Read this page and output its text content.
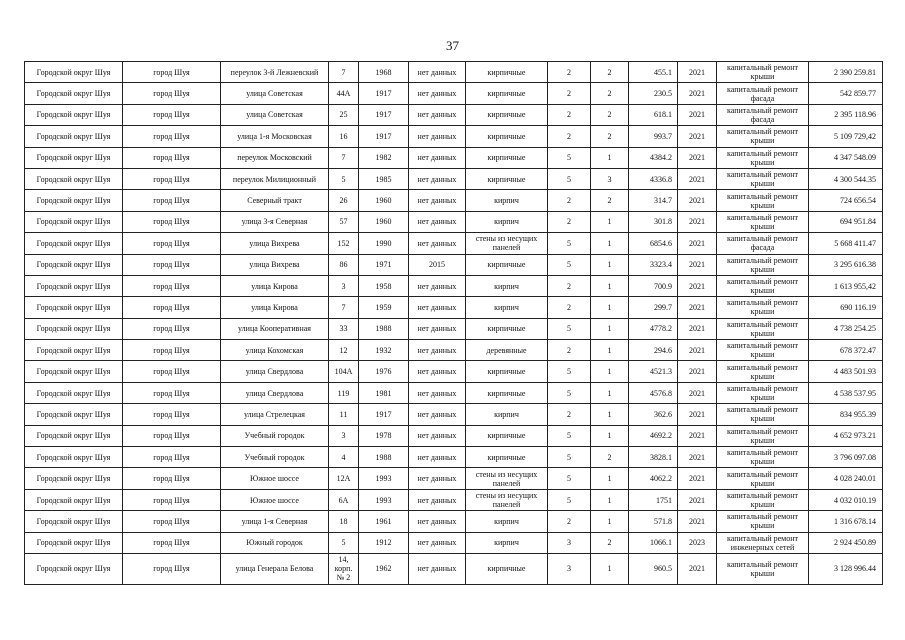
37
Городской округ Шуя	город Шуя	переулок 3-й Лежневский	7	1968	нет данных	кирпичные	2	2	455.1	2021	капитальный ремонт крыши	2 390 259.81
Городской округ Шуя	город Шуя	улица Советская	44А	1917	нет данных	кирпичные	2	2	230.5	2021	капитальный ремонт фасада	542 859.77
Городской округ Шуя	город Шуя	улица Советская	25	1917	нет данных	кирпичные	2	2	618.1	2021	капитальный ремонт фасада	2 395 118.96
Городской округ Шуя	город Шуя	улица 1-я Московская	16	1917	нет данных	кирпичные	2	2	993.7	2021	капитальный ремонт крыши	5 109 729,42
Городской округ Шуя	город Шуя	переулок Московский	7	1982	нет данных	кирпичные	5	1	4384.2	2021	капитальный ремонт крыши	4 347 548.09
Городской округ Шуя	город Шуя	переулок Милиционный	5	1985	нет данных	кирпичные	5	3	4336.8	2021	капитальный ремонт крыши	4 300 544.35
Городской округ Шуя	город Шуя	Северный тракт	26	1960	нет данных	кирпич	2	2	314.7	2021	капитальный ремонт крыши	724 656.54
Городской округ Шуя	город Шуя	улица 3-я Северная	57	1960	нет данных	кирпич	2	1	301.8	2021	капитальный ремонт крыши	694 951.84
Городской округ Шуя	город Шуя	улица Вихрева	152	1990	нет данных	стены из несущих панелей	5	1	6854.6	2021	капитальный ремонт фасада	5 668 411.47
Городской округ Шуя	город Шуя	улица Вихрева	86	1971	2015	кирпичные	5	1	3323.4	2021	капитальный ремонт крыши	3 295 616.38
Городской округ Шуя	город Шуя	улица Кирова	3	1958	нет данных	кирпич	2	1	700.9	2021	капитальный ремонт крыши	1 613 955,42
Городской округ Шуя	город Шуя	улица Кирова	7	1959	нет данных	кирпич	2	1	299.7	2021	капитальный ремонт крыши	690 116.19
Городской округ Шуя	город Шуя	улица Кооперативная	33	1988	нет данных	кирпичные	5	1	4778.2	2021	капитальный ремонт крыши	4 738 254.25
Городской округ Шуя	город Шуя	улица Кохомская	12	1932	нет данных	деревянные	2	1	294.6	2021	капитальный ремонт крыши	678 372.47
Городской округ Шуя	город Шуя	улица Свердлова	104А	1976	нет данных	кирпичные	5	1	4521.3	2021	капитальный ремонт крыши	4 483 501.93
Городской округ Шуя	город Шуя	улица Свердлова	119	1981	нет данных	кирпичные	5	1	4576.8	2021	капитальный ремонт крыши	4 538 537.95
Городской округ Шуя	город Шуя	улица Стрелецкая	11	1917	нет данных	кирпич	2	1	362.6	2021	капитальный ремонт крыши	834 955.39
Городской округ Шуя	город Шуя	Учебный городок	3	1978	нет данных	кирпичные	5	1	4692.2	2021	капитальный ремонт крыши	4 652 973.21
Городской округ Шуя	город Шуя	Учебный городок	4	1988	нет данных	кирпичные	5	2	3828.1	2021	капитальный ремонт крыши	3 796 097.08
Городской округ Шуя	город Шуя	Южное шоссе	12А	1993	нет данных	стены из несущих панелей	5	1	4062.2	2021	капитальный ремонт крыши	4 028 240.01
Городской округ Шуя	город Шуя	Южное шоссе	6А	1993	нет данных	стены из несущих панелей	5	1	1751	2021	капитальный ремонт крыши	4 032 010.19
Городской округ Шуя	город Шуя	улица 1-я Северная	18	1961	нет данных	кирпич	2	1	571.8	2021	капитальный ремонт крыши	1 316 678.14
Городской округ Шуя	город Шуя	Южный городок	5	1912	нет данных	кирпич	3	2	1066.1	2023	капитальный ремонт инженерных сетей	2 924 450.89
Городской округ Шуя	город Шуя	улица Генерала Белова	14, корп. № 2	1962	нет данных	кирпичные	3	1	960.5	2021	капитальный ремонт крыши	3 128 996.44
